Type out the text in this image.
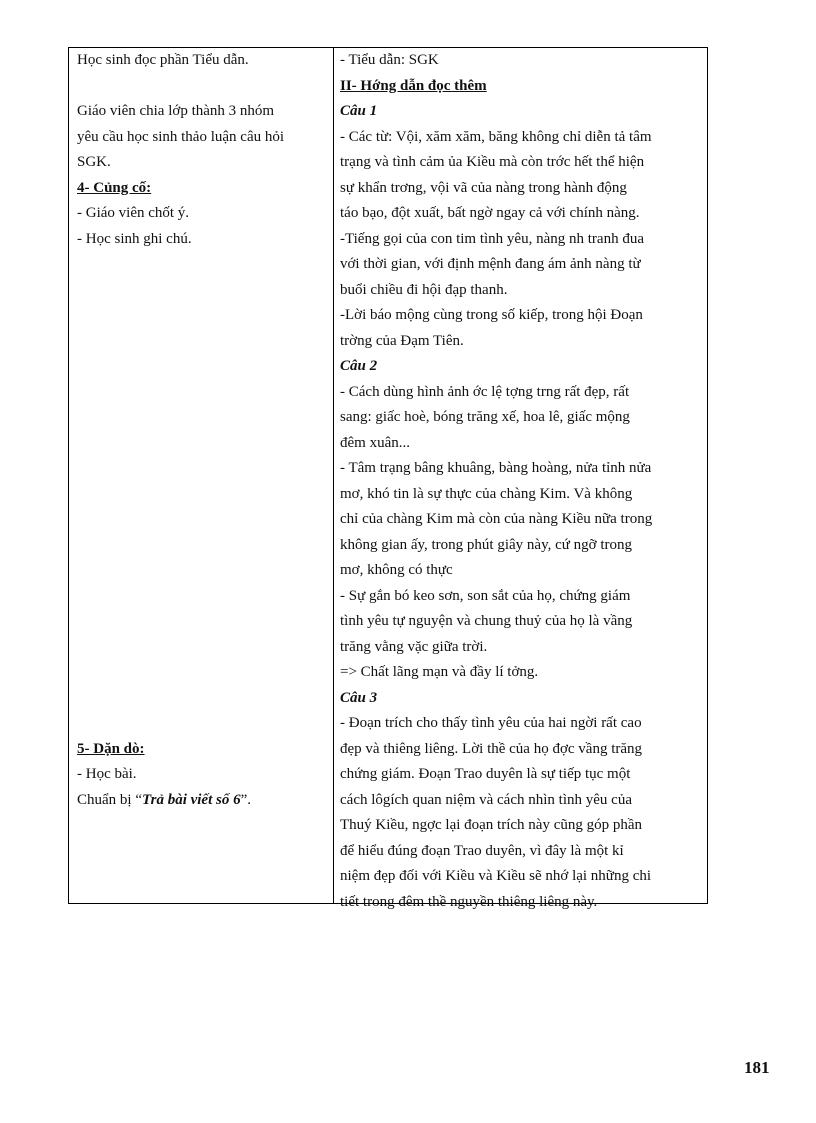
Học sinh đọc phần Tiểu dẫn.
Giáo viên chia lớp thành 3 nhóm
yêu cầu học sinh thảo luận câu hỏi
SGK.
4- Củng cố:
- Giáo viên chốt ý.
- Học sinh ghi chú.
5- Dặn dò:
- Học bài.
Chuẩn bị “Trả bài viết số 6”.
- Tiểu dẫn: SGK
II- Hớng dẫn đọc thêm
Câu 1
- Các từ: Vội, xăm xăm, băng không chỉ diễn tả tâm
trạng và tình cảm ủa Kiều mà còn trớc hết thể hiện
sự khẩn trơng, vội vã của nàng trong hành động
táo bạo, đột xuất, bất ngờ ngay cả với chính nàng.
-Tiếng gọi của con tim tình yêu, nàng nh tranh đua
với thời gian, với định mệnh đang ám ảnh nàng từ
buổi chiều đi hội đạp thanh.
-Lời báo mộng cùng trong số kiếp, trong hội Đoạn
trờng của Đạm Tiên.
Câu 2
- Cách dùng hình ảnh ớc lệ tợng trng rất đẹp, rất
sang: giấc hoè, bóng trăng xế, hoa lê, giấc mộng
đêm xuân...
- Tâm trạng bâng khuâng, bàng hoàng, nửa tỉnh nửa
mơ, khó tin là sự thực của chàng Kim. Và không
chỉ của chàng Kim mà còn của nàng Kiều nữa trong
không gian ấy, trong phút giây này, cứ ngỡ trong
mơ, không có thực
- Sự gắn bó keo sơn, son sắt của họ, chứng giám
tình yêu tự nguyện và chung thuỷ của họ là vầng
trăng vằng vặc giữa trời.
=> Chất lãng mạn và đầy lí tởng.
Câu 3
- Đoạn trích cho thấy tình yêu của hai ngời rất cao
đẹp và thiêng liêng. Lời thề của họ đợc vầng trăng
chứng giám. Đoạn Trao duyên là sự tiếp tục một
cách lôgích quan niệm và cách nhìn tình yêu của
Thuý Kiều, ngợc lại đoạn trích này cũng góp phần
để hiểu đúng đoạn Trao duyên, vì đây là một kỉ
niệm đẹp đối với Kiều và Kiều sẽ nhớ lại những chi
tiết trong đêm thề nguyền thiêng liêng này.
181
